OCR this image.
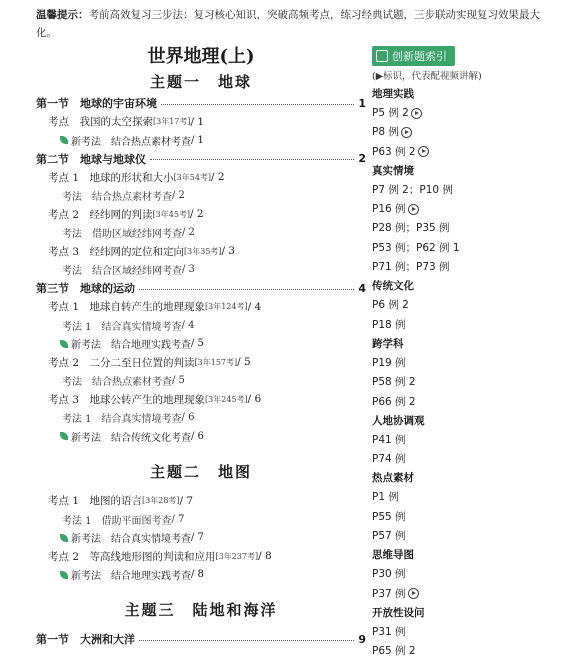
温馨提示：考前高效复习三步法：复习核心知识，突破高频考点，练习经典试题，三步联动实现复习效果最大化。
世界地理(上)
主题一　地球
第一节　地球的宇宙环境	1
考点　我国的太空探索 [3年17考] / 1
新考法　结合热点素材考查 / 1
第二节　地球与地球仪	2
考点 1　地球的形状和大小 [3年54考] / 2
考法　结合热点素材考查 / 2
考点 2　经纬网的判读 [3年45考] / 2
考法　借助区域经纬网考查 / 2
考点 3　经纬网的定位和定向 [3年35考] / 3
考法　结合区域经纬网考查 / 3
第三节　地球的运动	4
考点 1　地球自转产生的地理现象 [3年124考] / 4
考法 1　结合真实情境考查 / 4
新考法　结合地理实践考查 / 5
考点 2　二分二至日位置的判读 [3年157考] / 5
考法　结合热点素材考查 / 5
考点 3　地球公转产生的地理现象 [3年245考] / 6
考法 1　结合真实情境考查 / 6
新考法　结合传统文化考查 / 6
主题二　地图
考点 1　地图的语言 [3年28考] / 7
考法 1　借助平面图考查 / 7
新考法　结合真实情境考查 / 7
考点 2　等高线地形图的判读和应用 [3年237考] / 8
新考法　结合地理实践考查 / 8
主题三　陆地和海洋
第一节　大洲和大洋	9
创新题索引
(▶标识，代表配视频讲解)
地理实践
P5 例 2
P8 例
P63 例 2
真实情境
P7 例 2；P10 例
P16 例
P28 例；P35 例
P53 例；P62 例 1
P71 例；P73 例
传统文化
P6 例 2
P18 例
跨学科
P19 例
P58 例 2
P66 例 2
人地协调观
P41 例
P74 例
热点素材
P1 例
P55 例
P57 例
思维导图
P30 例
P37 例
开放性设问
P31 例
P65 例 2
